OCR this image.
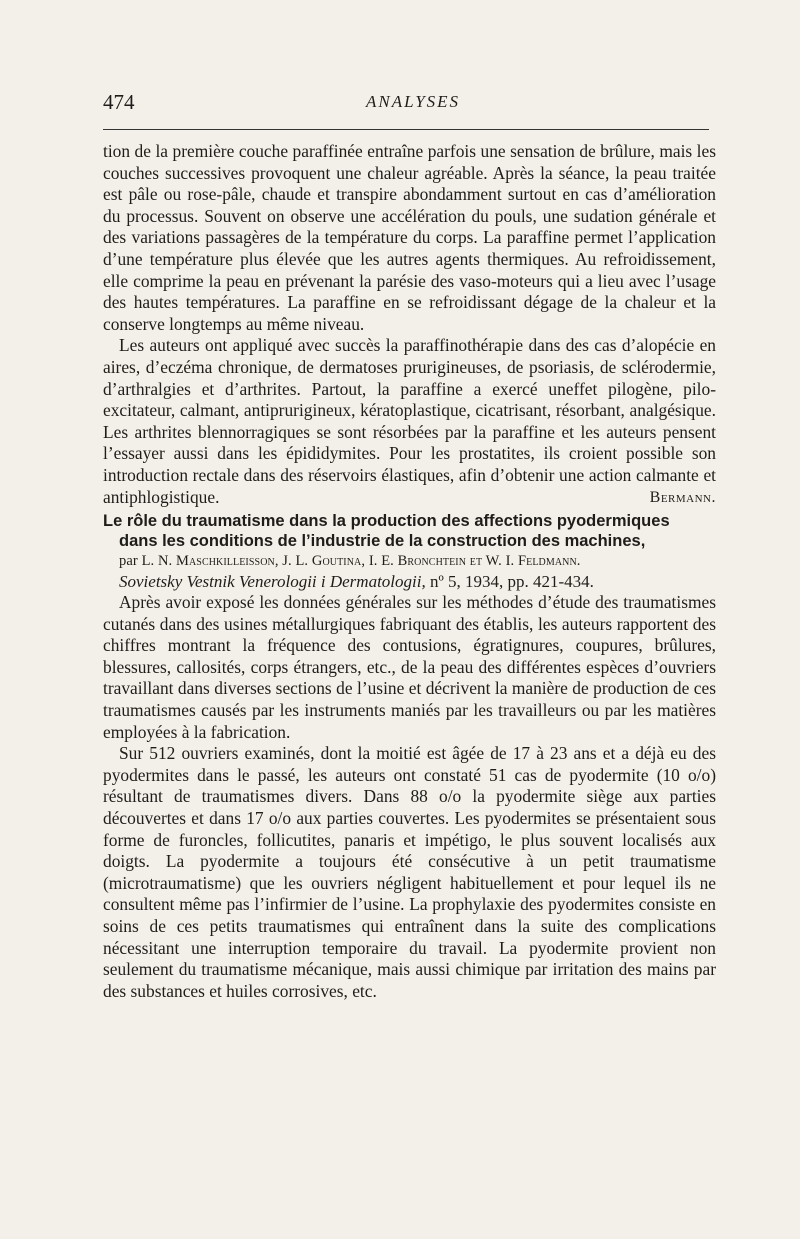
474	ANALYSES

tion de la première couche paraffinée entraîne parfois une sensation de brûlure, mais les couches successives provoquent une chaleur agréable. Après la séance, la peau traitée est pâle ou rose-pâle, chaude et transpire abondamment surtout en cas d’amélioration du processus. Souvent on observe une accélération du pouls, une sudation générale et des variations passagères de la température du corps. La paraffine permet l’application d’une température plus élevée que les autres agents thermiques. Au refroidissement, elle comprime la peau en prévenant la parésie des vaso-moteurs qui a lieu avec l’usage des hautes températures. La paraffine en se refroidissant dégage de la chaleur et la conserve longtemps au même niveau.

Les auteurs ont appliqué avec succès la paraffinothérapie dans des cas d’alopécie en aires, d’eczéma chronique, de dermatoses prurigineuses, de psoriasis, de sclérodermie, d’arthralgies et d’arthrites. Partout, la paraffine a exercé uneffet pilogène, pilo-excitateur, calmant, antiprurigineux, kératoplastique, cicatrisant, résorbant, analgésique. Les arthrites blennorragiques se sont résorbées par la paraffine et les auteurs pensent l’essayer aussi dans les épididymites. Pour les prostatites, ils croient possible son introduction rectale dans des réservoirs élastiques, afin d’obtenir une action calmante et antiphlogistique.	Bermann.

Le rôle du traumatisme dans la production des affections pyodermiques
dans les conditions de l’industrie de la construction des machines,
par L. N. Maschkilleisson, J. L. Goutina, I. E. Bronchtein et W. I. Feldmann.
Sovietsky Vestnik Venerologii i Dermatologii, nº 5, 1934, pp. 421-434.

Après avoir exposé les données générales sur les méthodes d’étude des traumatismes cutanés dans des usines métallurgiques fabriquant des établis, les auteurs rapportent des chiffres montrant la fréquence des contusions, égratignures, coupures, brûlures, blessures, callosités, corps étrangers, etc., de la peau des différentes espèces d’ouvriers travaillant dans diverses sections de l’usine et décrivent la manière de production de ces traumatismes causés par les instruments maniés par les travailleurs ou par les matières employées à la fabrication.

Sur 512 ouvriers examinés, dont la moitié est âgée de 17 à 23 ans et a déjà eu des pyodermites dans le passé, les auteurs ont constaté 51 cas de pyodermite (10 o/o) résultant de traumatismes divers. Dans 88 o/o la pyodermite siège aux parties découvertes et dans 17 o/o aux parties couvertes. Les pyodermites se présentaient sous forme de furoncles, follicutites, panaris et impétigo, le plus souvent localisés aux doigts. La pyodermite a toujours été consécutive à un petit traumatisme (microtraumatisme) que les ouvriers négligent habituellement et pour lequel ils ne consultent même pas l’infirmier de l’usine. La prophylaxie des pyodermites consiste en soins de ces petits traumatismes qui entraînent dans la suite des complications nécessitant une interruption temporaire du travail. La pyodermite provient non seulement du traumatisme mécanique, mais aussi chimique par irritation des mains par des substances et huiles corrosives, etc.
